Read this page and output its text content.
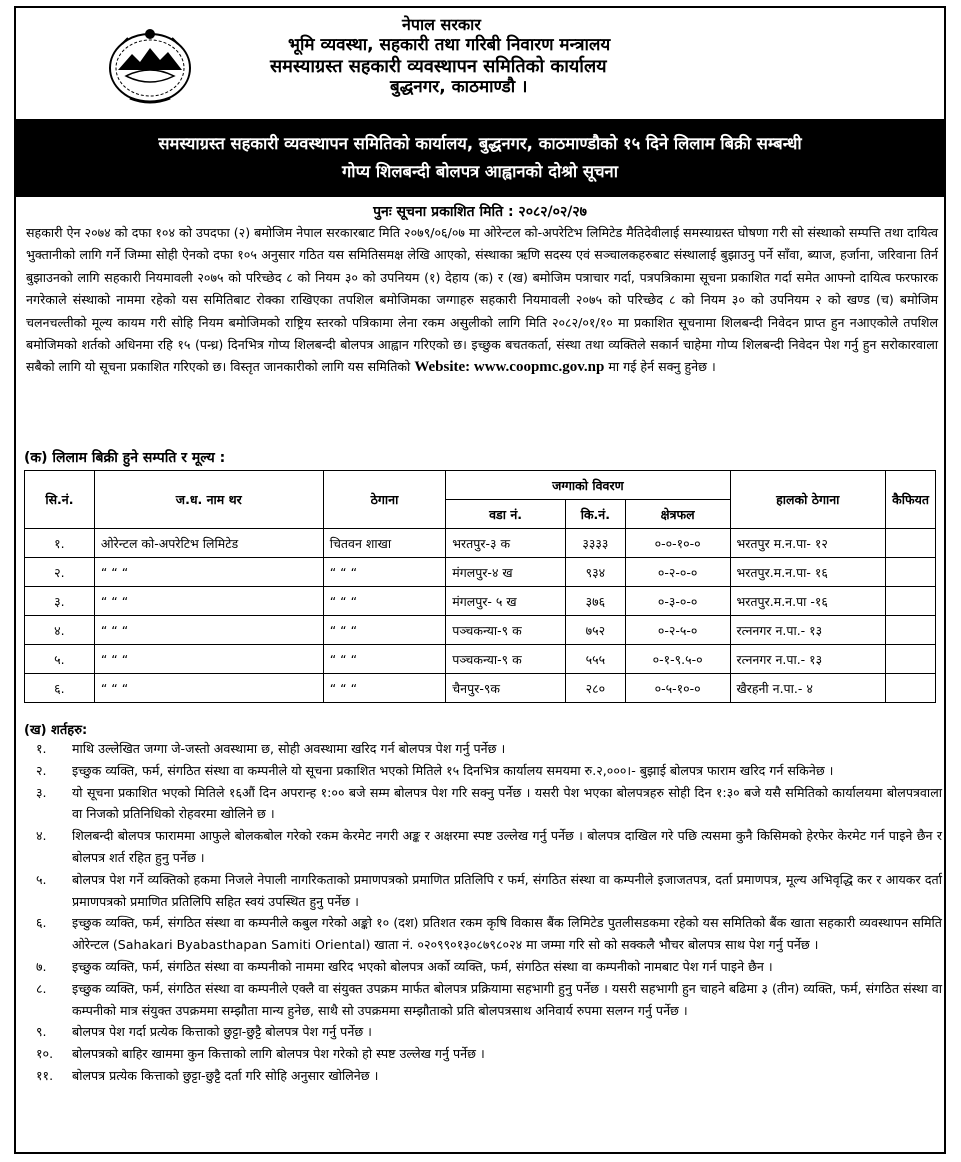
नेपाल सरकार
भूमि व्यवस्था, सहकारी तथा गरिबी निवारण मन्त्रालय
समस्याग्रस्त सहकारी व्यवस्थापन समितिको कार्यालय
बुद्धनगर, काठमाण्डौ ।
समस्याग्रस्त सहकारी व्यवस्थापन समितिको कार्यालय, बुद्धनगर, काठमाण्डौको १५ दिने लिलाम बिक्री सम्बन्धी
गोप्य शिलबन्दी बोलपत्र आह्वानको दोश्रो सूचना
पुनः सूचना प्रकाशित मिति : २०८२/०२/२७
सहकारी ऐन २०७४ को दफा १०४ को उपदफा (२) बमोजिम नेपाल सरकारबाट मिति २०७९/०६/०७ मा ओरेन्टल को-अपरेटिभ लिमिटेड मैतिदेवीलाई समस्याग्रस्त घोषणा गरी सो संस्थाको सम्पत्ति तथा दायित्व भुक्तानीको लागि गर्ने जिम्मा सोही ऐनको दफा १०५ अनुसार गठित यस समितिसमक्ष लेखि आएको, संस्थाका ऋणि सदस्य एवं सञ्चालकहरुबाट संस्थालाई बुझाउनु पर्ने साँवा, ब्याज, हर्जाना, जरिवाना तिर्न बुझाउनको लागि सहकारी नियमावली २०७५ को परिच्छेद ८ को नियम ३० को उपनियम (१) देहाय (क) र (ख) बमोजिम पत्राचार गर्दा, पत्रपत्रिकामा सूचना प्रकाशित गर्दा समेत आफ्नो दायित्व फरफारक नगरेकाले संस्थाको नाममा रहेको यस समितिबाट रोक्का राखिएका तपशिल बमोजिमका जग्गाहरु सहकारी नियमावली २०७५ को परिच्छेद ८ को नियम ३० को उपनियम २ को खण्ड (च) बमोजिम चलनचल्तीको मूल्य कायम गरी सोहि नियम बमोजिमको राष्ट्रिय स्तरको पत्रिकामा लेना रकम असुलीको लागि मिति २०८२/०१/१० मा प्रकाशित सूचनामा शिलबन्दी निवेदन प्राप्त हुन नआएकोले तपशिल बमोजिमको शर्तको अधिनमा रहि १५ (पन्ध्र) दिनभित्र गोप्य शिलबन्दी बोलपत्र आह्वान गरिएको छ। इच्छुक बचतकर्ता, संस्था तथा व्यक्तिले सकार्न चाहेमा गोप्य शिलबन्दी निवेदन पेश गर्नु हुन सरोकारवाला सबैको लागि यो सूचना प्रकाशित गरिएको छ। विस्तृत जानकारीको लागि यस समितिको Website: www.coopmc.gov.np मा गई हेर्न सक्नु हुनेछ ।
(क) लिलाम बिक्री हुने सम्पति र मूल्य :
सि.नं.	ज.ध. नाम थर	ठेगाना	जग्गाको विवरण			हालको ठेगाना	कैफियत
			वडा नं.	कि.नं.	क्षेत्रफल		
१.	ओरेन्टल को-अपरेटिभ लिमिटेड	चितवन शाखा	भरतपुर-३ क	३३३३	०-०-१०-०	भरतपुर म.न.पा- १२	
२.	“ “ “	“ “ “	मंगलपुर-४ ख	९३४	०-२-०-०	भरतपुर.म.न.पा- १६	
३.	“ “ “	“ “ “	मंगलपुर- ५ ख	३७६	०-३-०-०	भरतपुर.म.न.पा -१६	
४.	“ “ “	“ “ “	पञ्चकन्या-९ क	७५२	०-२-५-०	रत्ननगर न.पा.- १३	
५.	“ “ “	“ “ “	पञ्चकन्या-९ क	५५५	०-१-९.५-०	रत्ननगर न.पा.- १३	
६.	“ “ “	“ “ “	चैनपुर-९क	२८०	०-५-१०-०	खैरहनी न.पा.- ४	
(ख) शर्तहरु:
१.	माथि उल्लेखित जग्गा जे-जस्तो अवस्थामा छ, सोही अवस्थामा खरिद गर्न बोलपत्र पेश गर्नु पर्नेछ ।
२.	इच्छुक व्यक्ति, फर्म, संगठित संस्था वा कम्पनीले यो सूचना प्रकाशित भएको मितिले १५ दिनभित्र कार्यालय समयमा रु.२,०००।- बुझाई बोलपत्र फाराम खरिद गर्न सकिनेछ ।
३.	यो सूचना प्रकाशित भएको मितिले १६औं दिन अपरान्ह १:०० बजे सम्म बोलपत्र पेश गरि सक्नु पर्नेछ । यसरी पेश भएका बोलपत्रहरु सोही दिन १:३० बजे यसै समितिको कार्यालयमा बोलपत्रवाला वा निजको प्रतिनिधिको रोहवरमा खोलिने छ ।
४.	शिलबन्दी बोलपत्र फाराममा आफुले बोलकबोल गरेको रकम केरमेट नगरी अङ्क र अक्षरमा स्पष्ट उल्लेख गर्नु पर्नेछ । बोलपत्र दाखिल गरे पछि त्यसमा कुनै किसिमको हेरफेर केरमेट गर्न पाइने छैन र बोलपत्र शर्त रहित हुनु पर्नेछ ।
५.	बोलपत्र पेश गर्ने व्यक्तिको हकमा निजले नेपाली नागरिकताको प्रमाणपत्रको प्रमाणित प्रतिलिपि र फर्म, संगठित संस्था वा कम्पनीले इजाजतपत्र, दर्ता प्रमाणपत्र, मूल्य अभिवृद्धि कर र आयकर दर्ता प्रमाणपत्रको प्रमाणित प्रतिलिपि सहित स्वयं उपस्थित हुनु पर्नेछ ।
६.	इच्छुक व्यक्ति, फर्म, संगठित संस्था वा कम्पनीले कबुल गरेको अङ्को १० (दश) प्रतिशत रकम कृषि विकास बैंक लिमिटेड पुतलीसडकमा रहेको यस समितिको बैंक खाता सहकारी व्यवस्थापन समिति ओरेन्टल (Sahakari Byabasthapan Samiti Oriental) खाता नं. ०२०९९०१३०८७९८०२४ मा जम्मा गरि सो को सक्कलै भौचर बोलपत्र साथ पेश गर्नु पर्नेछ ।
७.	इच्छुक व्यक्ति, फर्म, संगठित संस्था वा कम्पनीको नाममा खरिद भएको बोलपत्र अर्को व्यक्ति, फर्म, संगठित संस्था वा कम्पनीको नामबाट पेश गर्न पाइने छैन ।
८.	इच्छुक व्यक्ति, फर्म, संगठित संस्था वा कम्पनीले एक्लै वा संयुक्त उपक्रम मार्फत बोलपत्र प्रक्रियामा सहभागी हुनु पर्नेछ । यसरी सहभागी हुन चाहने बढिमा ३ (तीन) व्यक्ति, फर्म, संगठित संस्था वा कम्पनीको मात्र संयुक्त उपक्रममा सम्झौता मान्य हुनेछ, साथै सो उपक्रममा सम्झौताको प्रति बोलपत्रसाथ अनिवार्य रुपमा सलग्न गर्नु पर्नेछ ।
९.	बोलपत्र पेश गर्दा प्रत्येक कित्ताको छुट्टा-छुट्टै बोलपत्र पेश गर्नु पर्नेछ ।
१०.	बोलपत्रको बाहिर खाममा कुन कित्ताको लागि बोलपत्र पेश गरेको हो स्पष्ट उल्लेख गर्नु पर्नेछ ।
११.	बोलपत्र प्रत्येक कित्ताको छुट्टा-छुट्टै दर्ता गरि सोहि अनुसार खोलिनेछ ।
